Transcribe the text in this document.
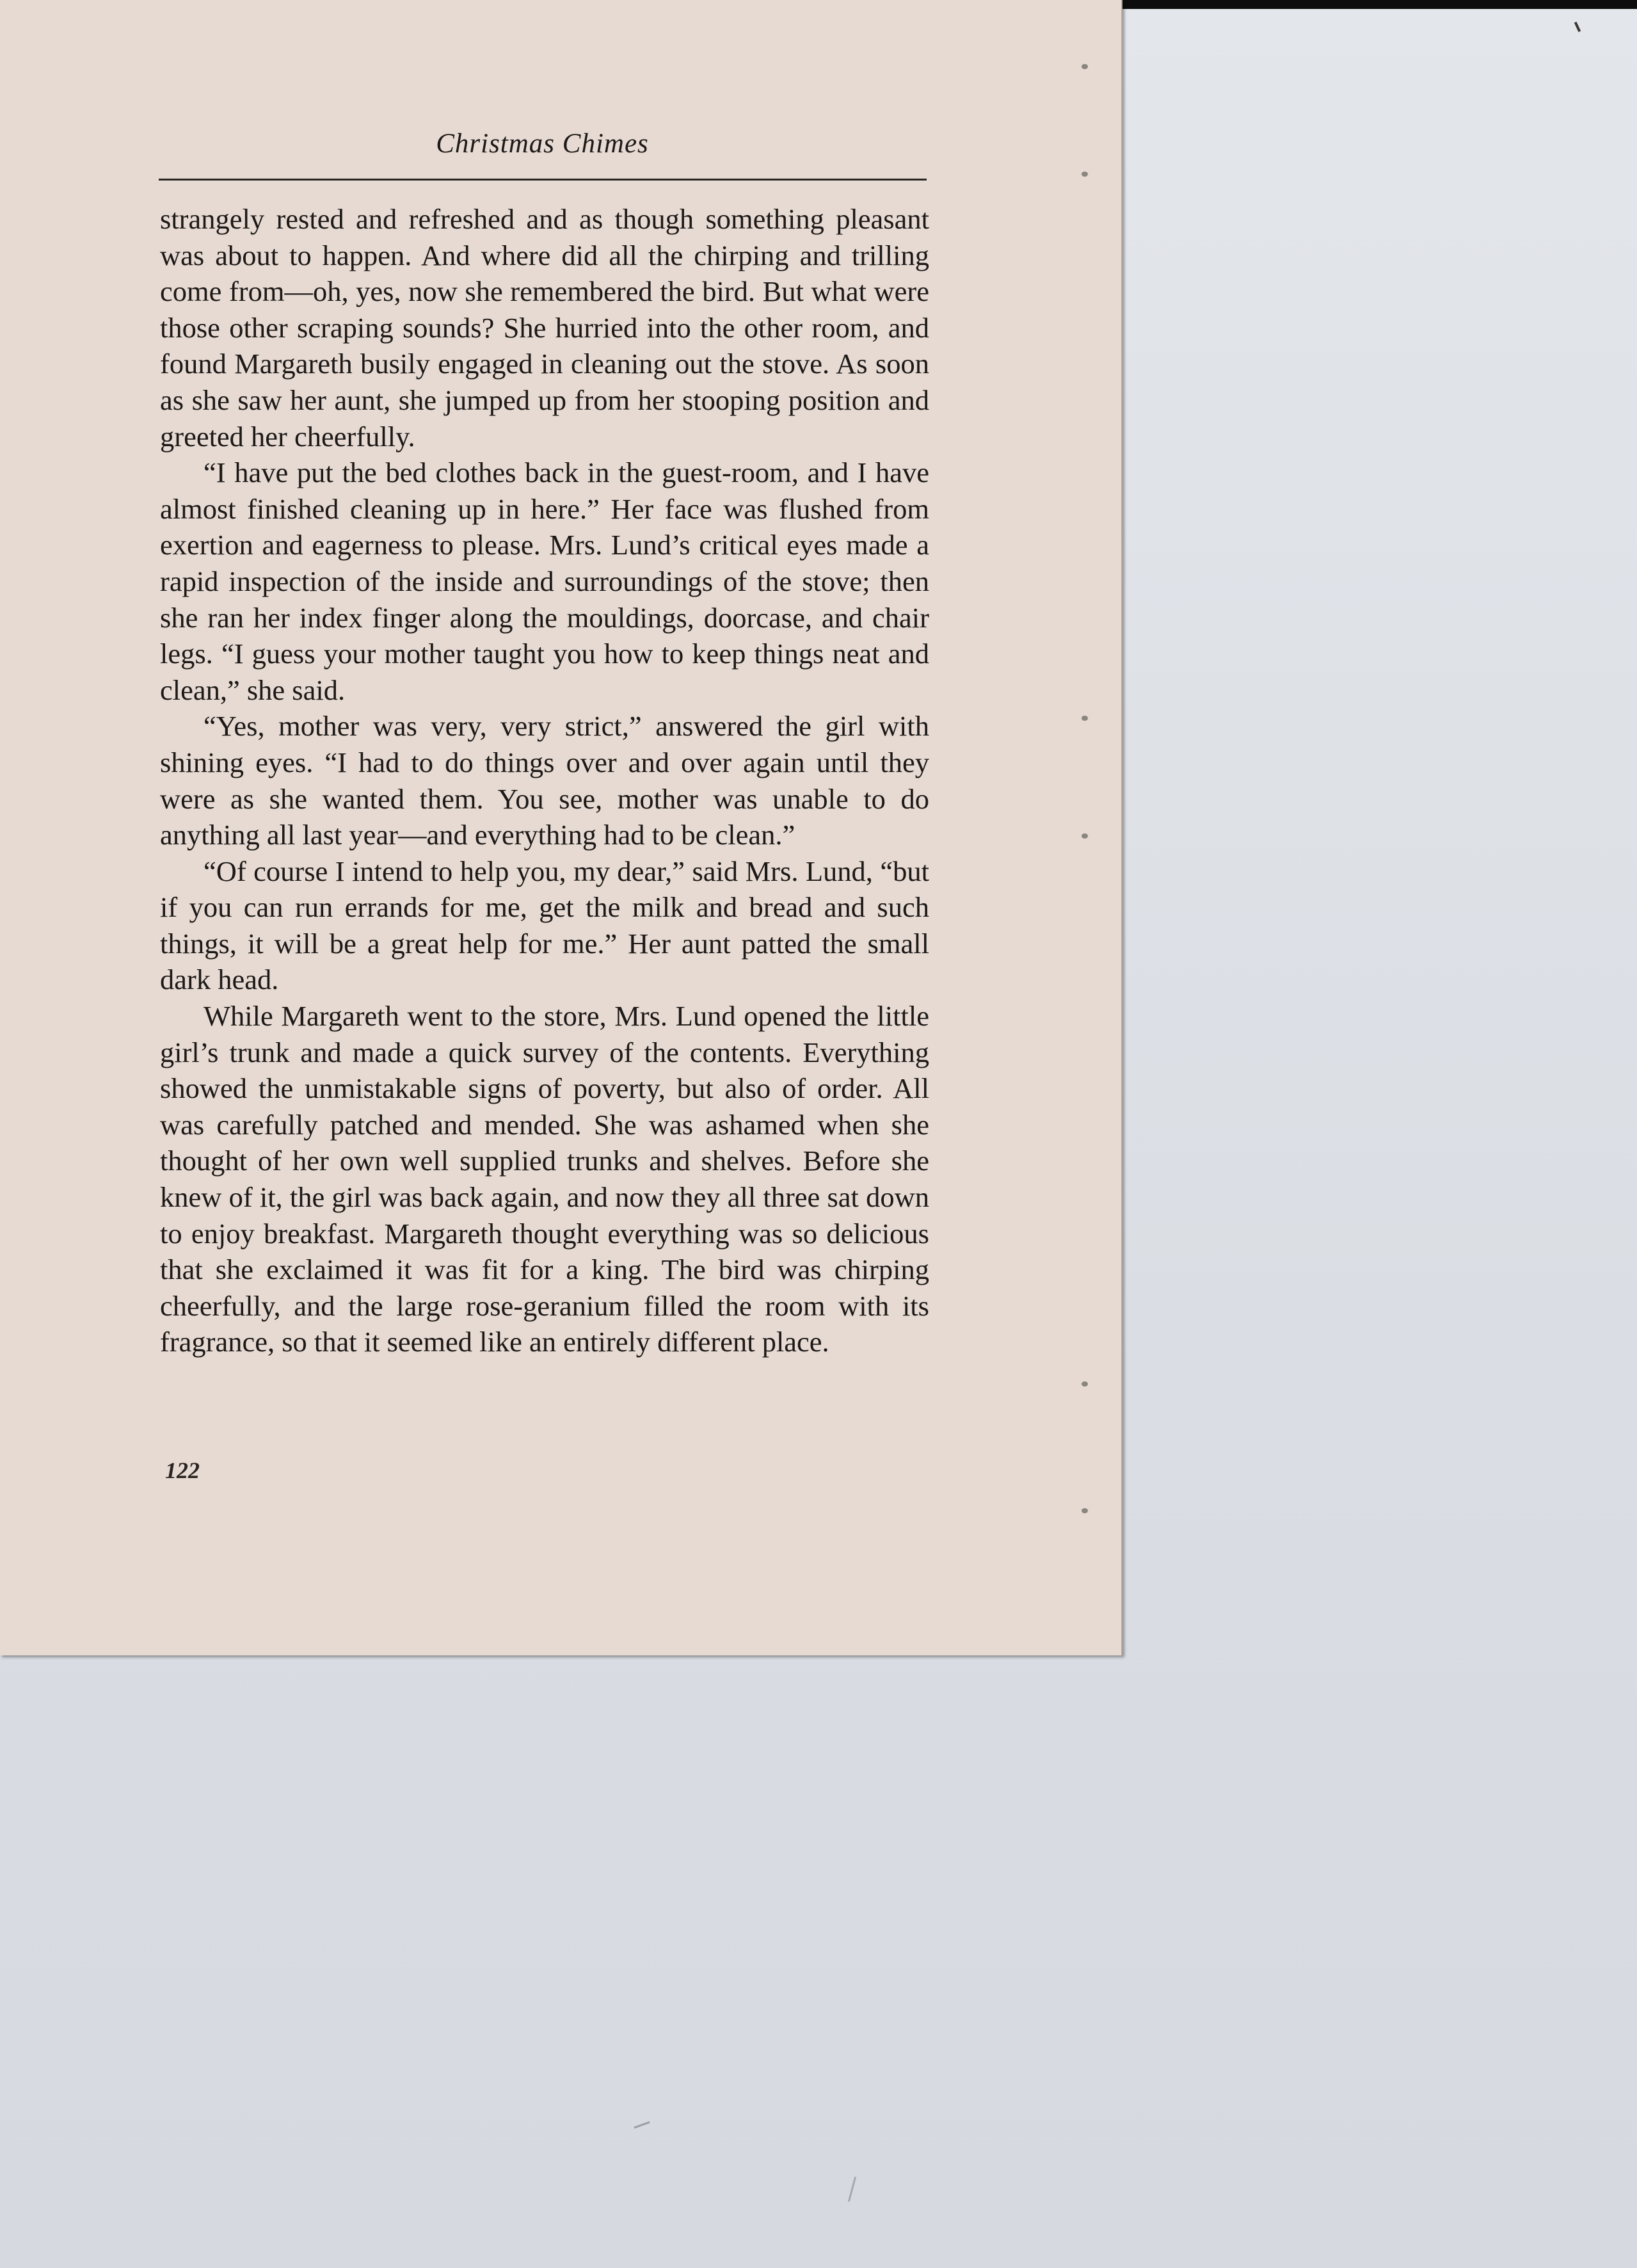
Christmas Chimes

strangely rested and refreshed and as though something pleasant was about to happen. And where did all the chirping and trilling come from—oh, yes, now she remembered the bird. But what were those other scraping sounds? She hurried into the other room, and found Margareth busily engaged in cleaning out the stove. As soon as she saw her aunt, she jumped up from her stooping position and greeted her cheerfully.

“I have put the bed clothes back in the guest-room, and I have almost finished cleaning up in here.” Her face was flushed from exertion and eagerness to please. Mrs. Lund’s critical eyes made a rapid inspection of the inside and surroundings of the stove; then she ran her index finger along the mouldings, doorcase, and chair legs. “I guess your mother taught you how to keep things neat and clean,” she said.

“Yes, mother was very, very strict,” answered the girl with shining eyes. “I had to do things over and over again until they were as she wanted them. You see, mother was unable to do anything all last year—and everything had to be clean.”

“Of course I intend to help you, my dear,” said Mrs. Lund, “but if you can run errands for me, get the milk and bread and such things, it will be a great help for me.” Her aunt patted the small dark head.

While Margareth went to the store, Mrs. Lund opened the little girl’s trunk and made a quick survey of the contents. Everything showed the unmistakable signs of poverty, but also of order. All was carefully patched and mended. She was ashamed when she thought of her own well supplied trunks and shelves. Before she knew of it, the girl was back again, and now they all three sat down to enjoy breakfast. Margareth thought everything was so delicious that she exclaimed it was fit for a king. The bird was chirping cheerfully, and the large rose-geranium filled the room with its fragrance, so that it seemed like an entirely different place.

122
